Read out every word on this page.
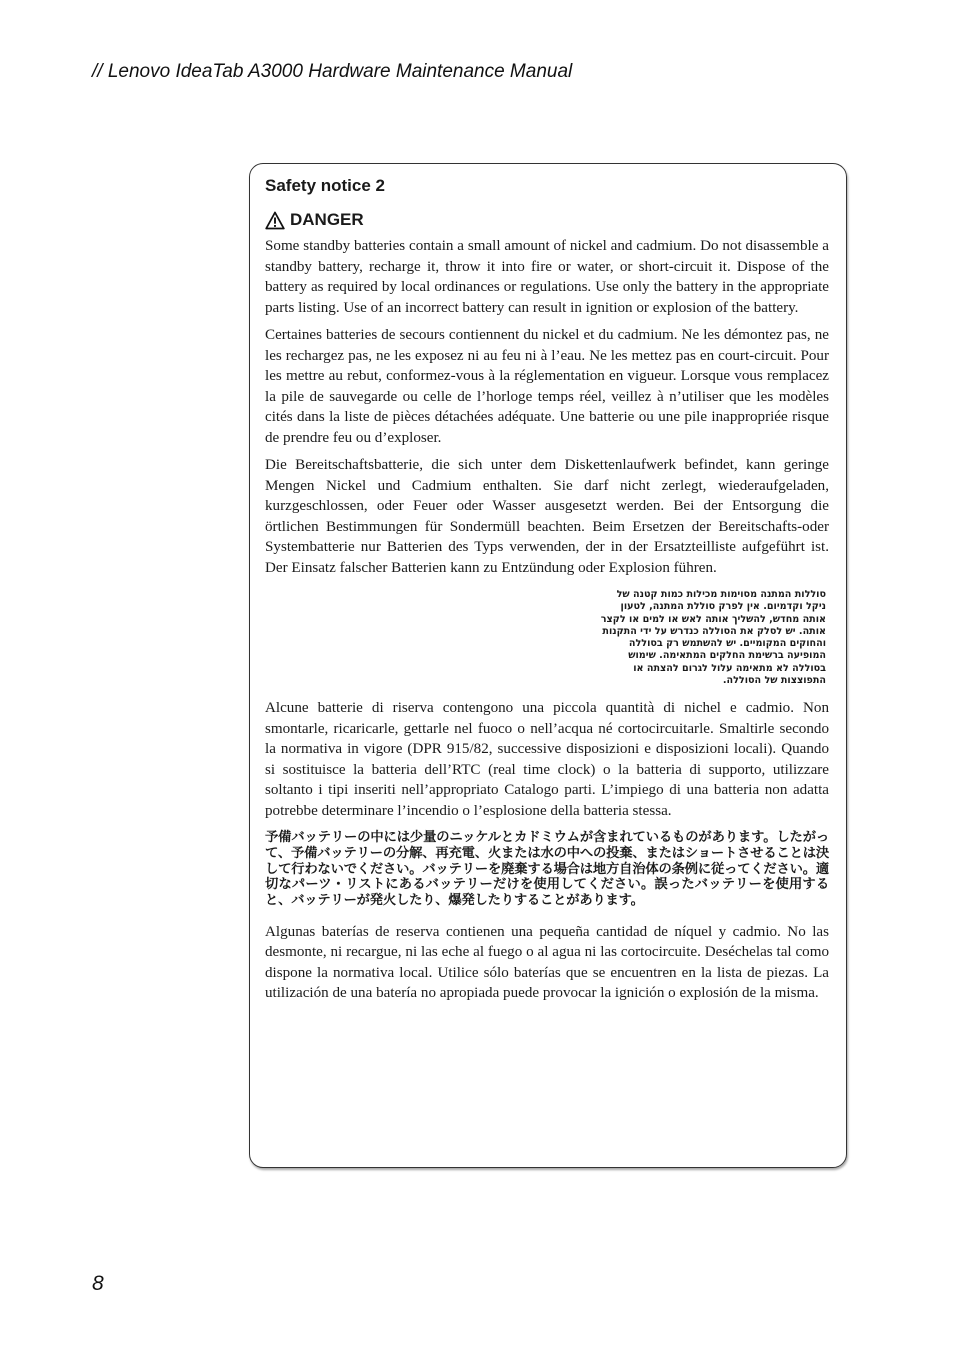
// Lenovo IdeaTab A3000 Hardware Maintenance Manual
Safety notice 2
DANGER

Some standby batteries contain a small amount of nickel and cadmium. Do not disassemble a standby battery, recharge it, throw it into fire or water, or short-circuit it. Dispose of the battery as required by local ordinances or regulations. Use only the battery in the appropriate parts listing. Use of an incorrect battery can result in ignition or explosion of the battery.

Certaines batteries de secours contiennent du nickel et du cadmium. Ne les démontez pas, ne les rechargez pas, ne les exposez ni au feu ni à l’eau. Ne les mettez pas en court-circuit. Pour les mettre au rebut, conformez-vous à la réglementation en vigueur. Lorsque vous remplacez la pile de sauvegarde ou celle de l’horloge temps réel, veillez à n’utiliser que les modèles cités dans la liste de pièces détachées adéquate. Une batterie ou une pile inappropriée risque de prendre feu ou d’exploser.

Die Bereitschaftsbatterie, die sich unter dem Diskettenlaufwerk befindet, kann geringe Mengen Nickel und Cadmium enthalten. Sie darf nicht zerlegt, wiederaufgeladen, kurzgeschlossen, oder Feuer oder Wasser ausgesetzt werden. Bei der Entsorgung die örtlichen Bestimmungen für Sondermüll beachten. Beim Ersetzen der Bereitschafts-oder Systembatterie nur Batterien des Typs verwenden, der in der Ersatzteilliste aufgeführt ist. Der Einsatz falscher Batterien kann zu Entzündung oder Explosion führen.

סוללות המתנה מסוימות מכילות כמות קטנה של ניקל וקדמיום. אין לפרק סוללת המתנה, לטעון אותה מחדש, להשליך אותה לאש או למים או לקצר אותה. יש לסלק את הסוללה כנדרש על ידי התקנות והחוקים המקומיים. יש להשתמש רק בסוללה המופיעה ברשימת החלקים המתאימה. שימוש בסוללה לא מתאימה עלול לגרום להצתה או התפוצצות של הסוללה.

Alcune batterie di riserva contengono una piccola quantità di nichel e cadmio. Non smontarle, ricaricarle, gettarle nel fuoco o nell’acqua né cortocircuitarle. Smaltirle secondo la normativa in vigore (DPR 915/82, successive disposizioni e disposizioni locali). Quando si sostituisce la batteria dell’RTC (real time clock) o la batteria di supporto, utilizzare soltanto i tipi inseriti nell’appropriato Catalogo parti. L’impiego di una batteria non adatta potrebbe determinare l’incendio o l’esplosione della batteria stessa.

予備バッテリーの中には少量のニッケルとカドミウムが含まれているものがあります。したがって、予備バッテリーの分解、再充電、火または水の中への投棄、またはショートさせることは決して行わないでください。バッテリーを廃棄する場合は地方自治体の条例に従ってください。適切なパーツ・リストにあるバッテリーだけを使用してください。誤ったバッテリーを使用すると、バッテリーが発火したり、爆発したりすることがあります。

Algunas baterías de reserva contienen una pequeña cantidad de níquel y cadmio. No las desmonte, ni recargue, ni las eche al fuego o al agua ni las cortocircuite. Deséchelas tal como dispone la normativa local. Utilice sólo baterías que se encuentren en la lista de piezas. La utilización de una batería no apropiada puede provocar la ignición o explosión de la misma.

8
